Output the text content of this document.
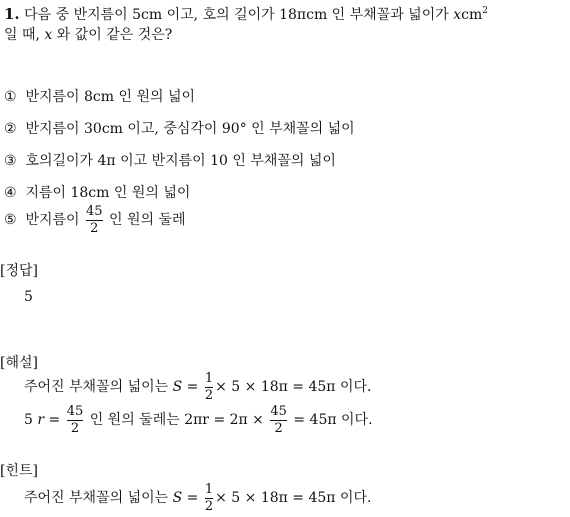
1. 다음 중 반지름이 5cm 이고, 호의 길이가 18πcm 인 부채꼴과 넓이가 xcm$^2$
일 때, x 와 값이 같은 것은?
① 반지름이 8cm 인 원의 넓이
② 반지름이 30cm 이고, 중심각이 90° 인 부채꼴의 넓이
③ 호의길이가 4π 이고 반지름이 10 인 부채꼴의 넓이
④ 지름이 18cm 인 원의 넓이
⑤ 반지름이 $\frac{45}{2}$ 인 원의 둘레
[정답]
5
[해설]
주어진 부채꼴의 넓이는 $S = \frac{1}{2} \times 5 \times 18\pi = 45\pi$ 이다.
5 $r = \frac{45}{2}$ 인 원의 둘레는 $2\pi r = 2\pi \times \frac{45}{2} = 45\pi$ 이다.
[힌트]
주어진 부채꼴의 넓이는 $S = \frac{1}{2} \times 5 \times 18\pi = 45\pi$ 이다.
